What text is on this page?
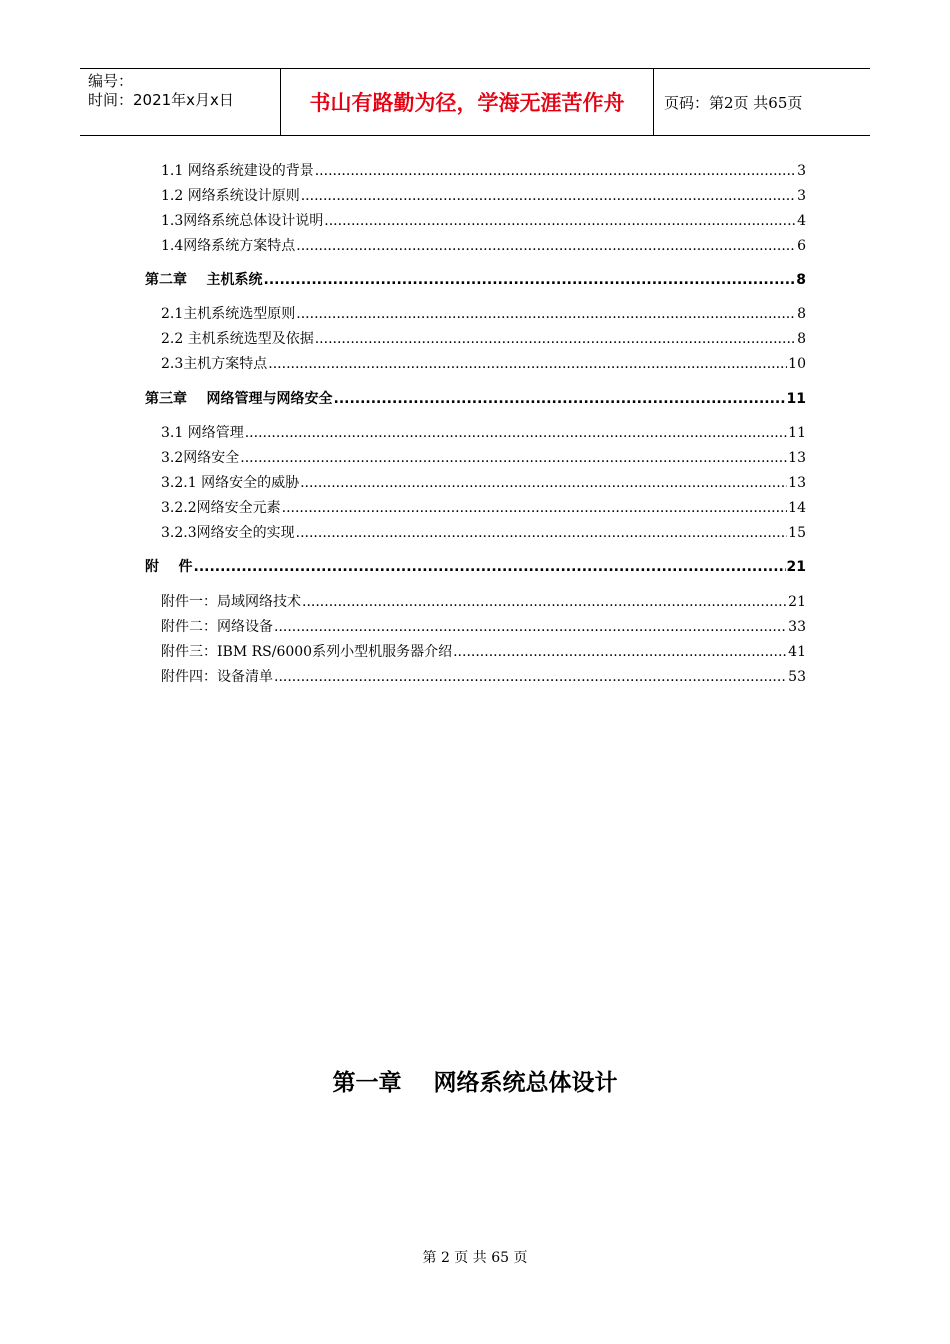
编号：
时间：2021年x月x日	书山有路勤为径，学海无涯苦作舟	页码：第2页 共65页
1.1 网络系统建设的背景 .....	3
1.2 网络系统设计原则 .....	3
1.3网络系统总体设计说明 .....	4
1.4网络系统方案特点 .....	6
第二章    主机系统 .....	8
2.1主机系统选型原则 .....	8
2.2 主机系统选型及依据 .....	8
2.3主机方案特点 .....	10
第三章    网络管理与网络安全 .....	11
3.1 网络管理 .....	11
3.2网络安全 .....	13
3.2.1 网络安全的威胁 .....	13
3.2.2网络安全元素 .....	14
3.2.3网络安全的实现 .....	15
附    件 .....	21
附件一：局域网络技术 .....	21
附件二：网络设备 .....	33
附件三：IBM RS/6000系列小型机服务器介绍 .....	41
附件四：设备清单 .....	53
第一章    网络系统总体设计
第 2 页 共 65 页
